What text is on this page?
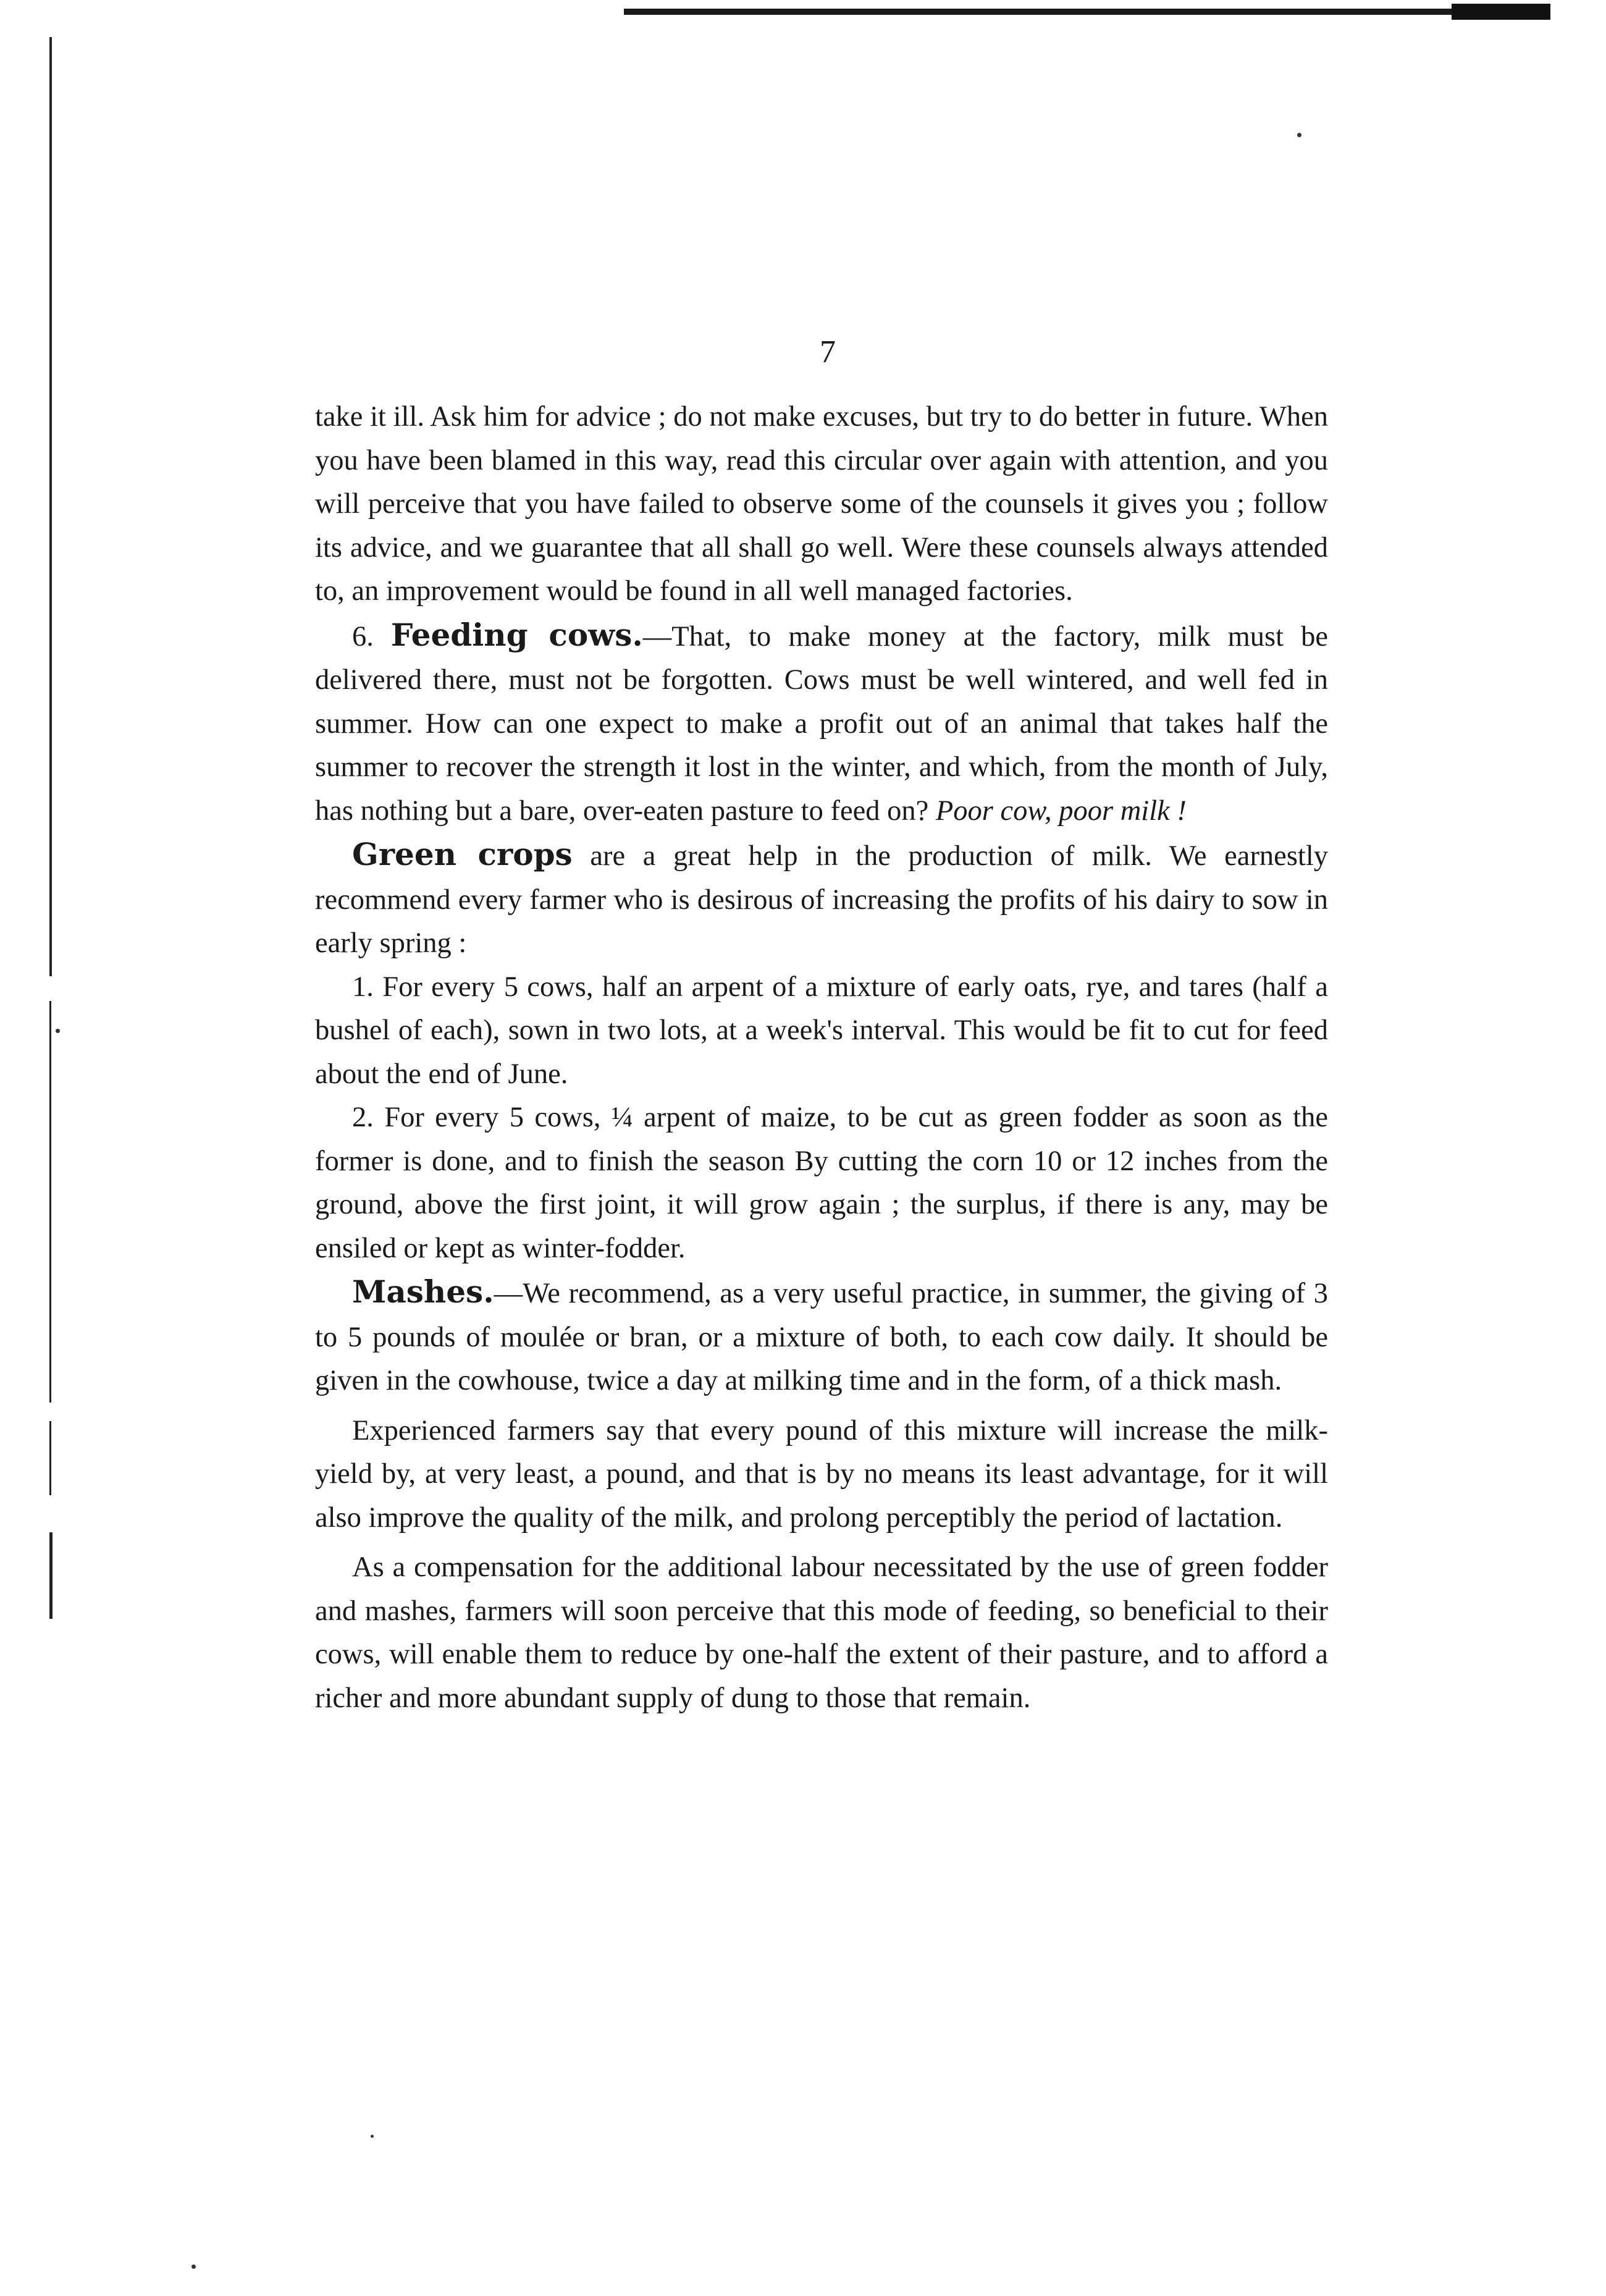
7

take it ill. Ask him for advice ; do not make excuses, but try to do better in future. When you have been blamed in this way, read this circular over again with attention, and you will perceive that you have failed to observe some of the counsels it gives you ; follow its advice, and we guarantee that all shall go well. Were these counsels always attended to, an improvement would be found in all well managed factories.

6. Feeding cows.—That, to make money at the factory, milk must be delivered there, must not be forgotten. Cows must be well wintered, and well fed in summer. How can one expect to make a profit out of an animal that takes half the summer to recover the strength it lost in the winter, and which, from the month of July, has nothing but a bare, over-eaten pasture to feed on? Poor cow, poor milk !

Green crops are a great help in the production of milk. We earnestly recommend every farmer who is desirous of increasing the profits of his dairy to sow in early spring :

1. For every 5 cows, half an arpent of a mixture of early oats, rye, and tares (half a bushel of each), sown in two lots, at a week's interval. This would be fit to cut for feed about the end of June.

2. For every 5 cows, ¼ arpent of maize, to be cut as green fodder as soon as the former is done, and to finish the season By cutting the corn 10 or 12 inches from the ground, above the first joint, it will grow again ; the surplus, if there is any, may be ensiled or kept as winter-fodder.

Mashes.—We recommend, as a very useful practice, in summer, the giving of 3 to 5 pounds of moulée or bran, or a mixture of both, to each cow daily. It should be given in the cowhouse, twice a day at milking time and in the form, of a thick mash.

Experienced farmers say that every pound of this mixture will increase the milk-yield by, at very least, a pound, and that is by no means its least advantage, for it will also improve the quality of the milk, and prolong perceptibly the period of lactation.

As a compensation for the additional labour necessitated by the use of green fodder and mashes, farmers will soon perceive that this mode of feeding, so beneficial to their cows, will enable them to reduce by one-half the extent of their pasture, and to afford a richer and more abundant supply of dung to those that remain.
